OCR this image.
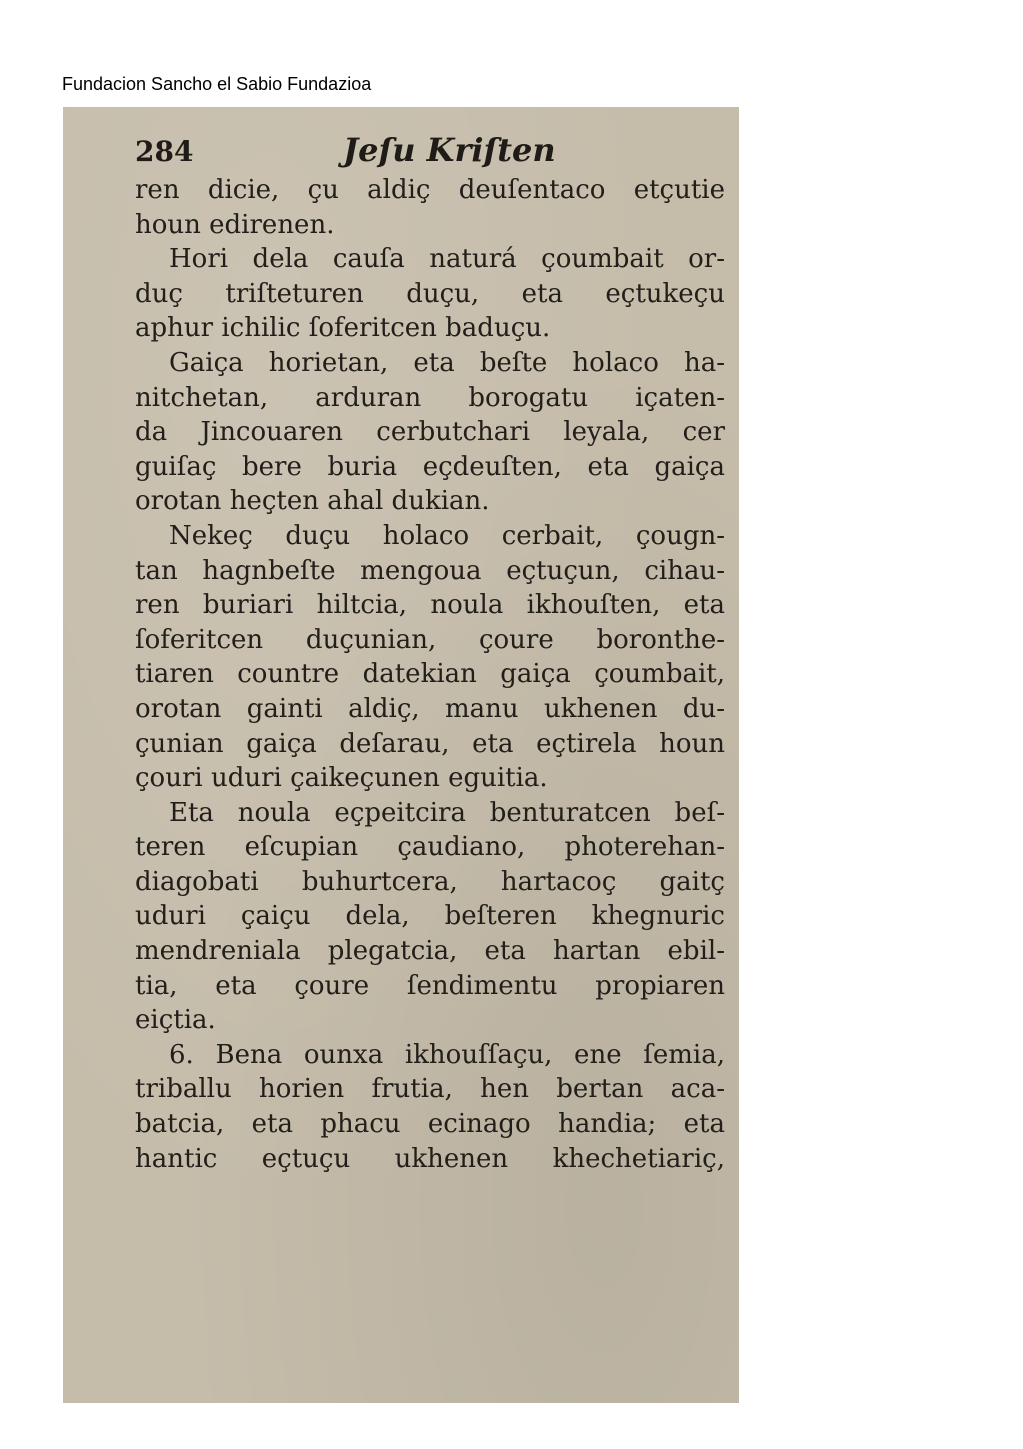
Fundacion Sancho el Sabio Fundazioa
284	Jeſu Kriſten
ren dicie, çu aldiç deuſentaco etçutie
houn edirenen.
Hori dela cauſa naturá çoumbait or-
duç triſteturen duçu, eta eçtukeçu
aphur ichilic ſoferitcen baduçu.
Gaiça horietan, eta beſte holaco ha-
nitchetan, arduran borogatu içaten-
da Jincouaren cerbutchari leyala, cer
guiſaç bere buria eçdeuſten, eta gaiça
orotan heçten ahal dukian.
Nekeç duçu holaco cerbait, çougn-
tan hagnbeſte mengoua eçtuçun, cihau-
ren buriari hiltcia, noula ikhouſten, eta
ſoferitcen duçunian, çoure boronthe-
tiaren countre datekian gaiça çoumbait,
orotan gainti aldiç, manu ukhenen du-
çunian gaiça deſarau, eta eçtirela houn
çouri uduri çaikeçunen eguitia.
Eta noula eçpeitcira benturatcen beſ-
teren eſcupian çaudiano, photerehan-
diagobati buhurtcera, hartacoç gaitç
uduri çaiçu dela, beſteren khegnuric
mendreniala plegatcia, eta hartan ebil-
tia, eta çoure ſendimentu propiaren
eiçtia.
6. Bena ounxa ikhouſſaçu, ene ſemia,
triballu horien frutia, hen bertan aca-
batcia, eta phacu ecinago handia; eta
hantic eçtuçu ukhenen khechetiariç,
